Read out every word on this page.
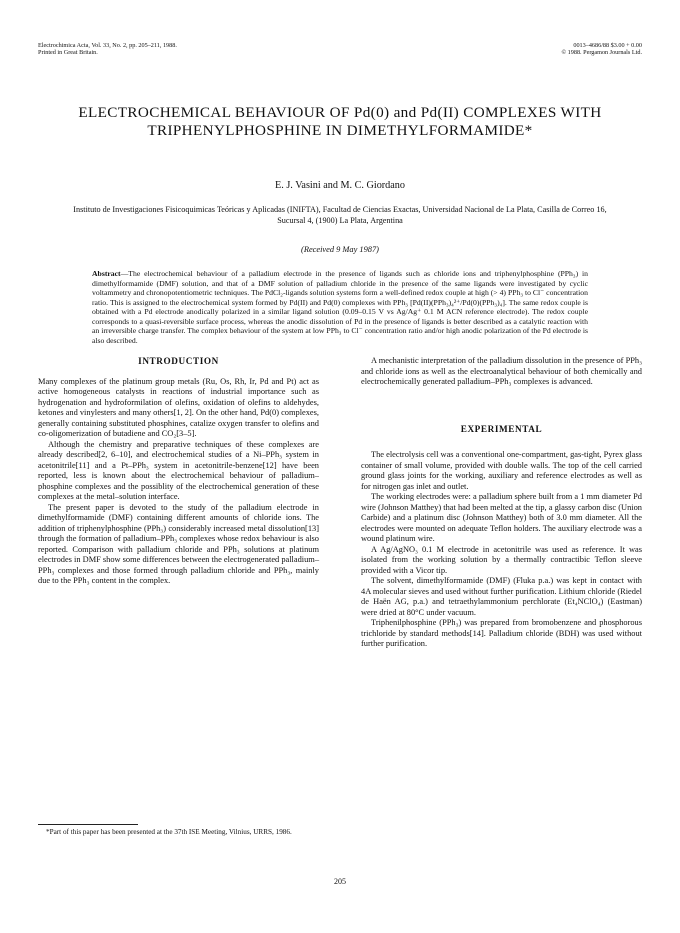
Electrochimica Acta, Vol. 33, No. 2, pp. 205–211, 1988.
Printed in Great Britain.
0013–4686/88 $3.00 + 0.00
© 1988. Pergamon Journals Ltd.
ELECTROCHEMICAL BEHAVIOUR OF Pd(0) and Pd(II) COMPLEXES WITH TRIPHENYLPHOSPHINE IN DIMETHYLFORMAMIDE*
E. J. Vasini and M. C. Giordano
Instituto de Investigaciones Fisicoquimicas Teóricas y Aplicadas (INIFTA), Facultad de Ciencias Exactas, Universidad Nacional de La Plata, Casilla de Correo 16, Sucursal 4, (1900) La Plata, Argentina
(Received 9 May 1987)
Abstract—The electrochemical behaviour of a palladium electrode in the presence of ligands such as chloride ions and triphenylphosphine (PPh₃) in dimethylformamide (DMF) solution, and that of a DMF solution of palladium chloride in the presence of the same ligands were investigated by cyclic voltammetry and chronopotentiometric techniques. The PdCl₂-ligands solution systems form a well-defined redox couple at high (> 4) PPh₃ to Cl⁻ concentration ratio. This is assigned to the electrochemical system formed by Pd(II) and Pd(0) complexes with PPh₃ [Pd(II)(PPh₃)₄²⁺/Pd(0)(PPh₃)₄]. The same redox couple is obtained with a Pd electrode anodically polarized in a similar ligand solution (0.09–0.15 V vs Ag/Ag⁺ 0.1 M ACN reference electrode). The redox couple corresponds to a quasi-reversible surface process, whereas the anodic dissolution of Pd in the presence of ligands is better described as a catalytic reaction with an irreversible charge transfer. The complex behaviour of the system at low PPh₃ to Cl⁻ concentration ratio and/or high anodic polarization of the Pd electrode is also described.
INTRODUCTION

Many complexes of the platinum group metals (Ru, Os, Rh, Ir, Pd and Pt) act as active homogeneous catalysts in reactions of industrial importance such as hydrogenation and hydroformilation of olefins, oxidation of olefins to aldehydes, ketones and vinylesters and many others[1, 2]. On the other hand, Pd(0) complexes, generally containing substituted phosphines, catalize oxygen transfer to olefins and co-oligomerization of butadiene and CO₂[3–5].

Although the chemistry and preparative techniques of these complexes are already described[2, 6–10], and electrochemical studies of a Ni–PPh₃ system in acetonitrile[11] and a Pt–PPh₃ system in acetonitrile-benzene[12] have been reported, less is known about the electrochemical behaviour of palladium–phosphine complexes and the possiblity of the electrochemical generation of these complexes at the metal–solution interface.

The present paper is devoted to the study of the palladium electrode in dimethylformamide (DMF) containing different amounts of chloride ions. The addition of triphenylphosphine (PPh₃) considerably increased metal dissolution[13] through the formation of palladium–PPh₃ complexes whose redox behaviour is also reported. Comparison with palladium chloride and PPh₃ solutions at platinum electrodes in DMF show some differences between the electrogenerated palladium–PPh₃ complexes and those formed through palladium chloride and PPh₃, mainly due to the PPh₃ content in the complex.

A mechanistic interpretation of the palladium dissolution in the presence of PPh₃ and chloride ions as well as the electroanalytical behaviour of both chemically and electrochemically generated palladium–PPh₃ complexes is advanced.

EXPERIMENTAL

The electrolysis cell was a conventional one-compartment, gas-tight, Pyrex glass container of small volume, provided with double walls. The top of the cell carried ground glass joints for the working, auxiliary and reference electrodes as well as for nitrogen gas inlet and outlet.

The working electrodes were: a palladium sphere built from a 1 mm diameter Pd wire (Johnson Matthey) that had been melted at the tip, a glassy carbon disc (Union Carbide) and a platinum disc (Johnson Matthey) both of 3.0 mm diameter. All the electrodes were mounted on adequate Teflon holders. The auxiliary electrode was a wound platinum wire.

A Ag/AgNO₃ 0.1 M electrode in acetonitrile was used as reference. It was isolated from the working solution by a thermally contractibic Teflon sleeve provided with a Vicor tip.

The solvent, dimethylformamide (DMF) (Fluka p.a.) was kept in contact with 4A molecular sieves and used without further purification. Lithium chloride (Riedel de Haën AG, p.a.) and tetraethylammonium perchlorate (Et₄NClO₄) (Eastman) were dried at 80°C under vacuum.

Triphenilphosphine (PPh₃) was prepared from bromobenzene and phosphorous trichloride by standard methods[14]. Palladium chloride (BDH) was used without further purification.

*Part of this paper has been presented at the 37th ISE Meeting, Vilnius, URRS, 1986.
205
